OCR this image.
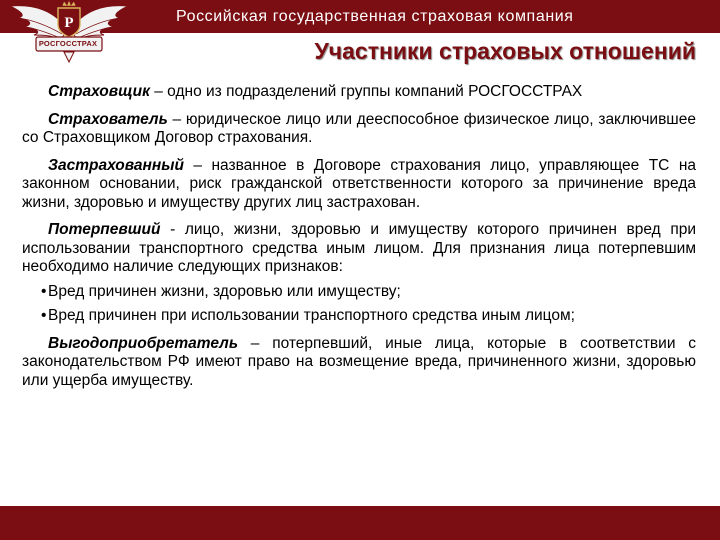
Р
РОСГОССТРАХ
Российская государственная страховая компания
Участники страховых отношений

Страховщик – одно из подразделений группы компаний РОСГОССТРАХ

Страхователь – юридическое лицо или дееспособное физическое лицо, заключившее со Страховщиком Договор страхования.

Застрахованный – названное в Договоре страхования лицо, управляющее ТС на законном основании, риск гражданской ответственности которого за причинение вреда жизни, здоровью и имуществу других лиц застрахован.

Потерпевший - лицо, жизни, здоровью и имуществу которого причинен вред при использовании транспортного средства иным лицом. Для признания лица потерпевшим необходимо наличие следующих признаков:

• Вред причинен жизни, здоровью или имуществу;

• Вред причинен при использовании транспортного средства иным лицом;

Выгодоприобретатель – потерпевший, иные лица, которые в соответствии с законодательством РФ имеют право на возмещение вреда, причиненного жизни, здоровью или ущерба имуществу.
